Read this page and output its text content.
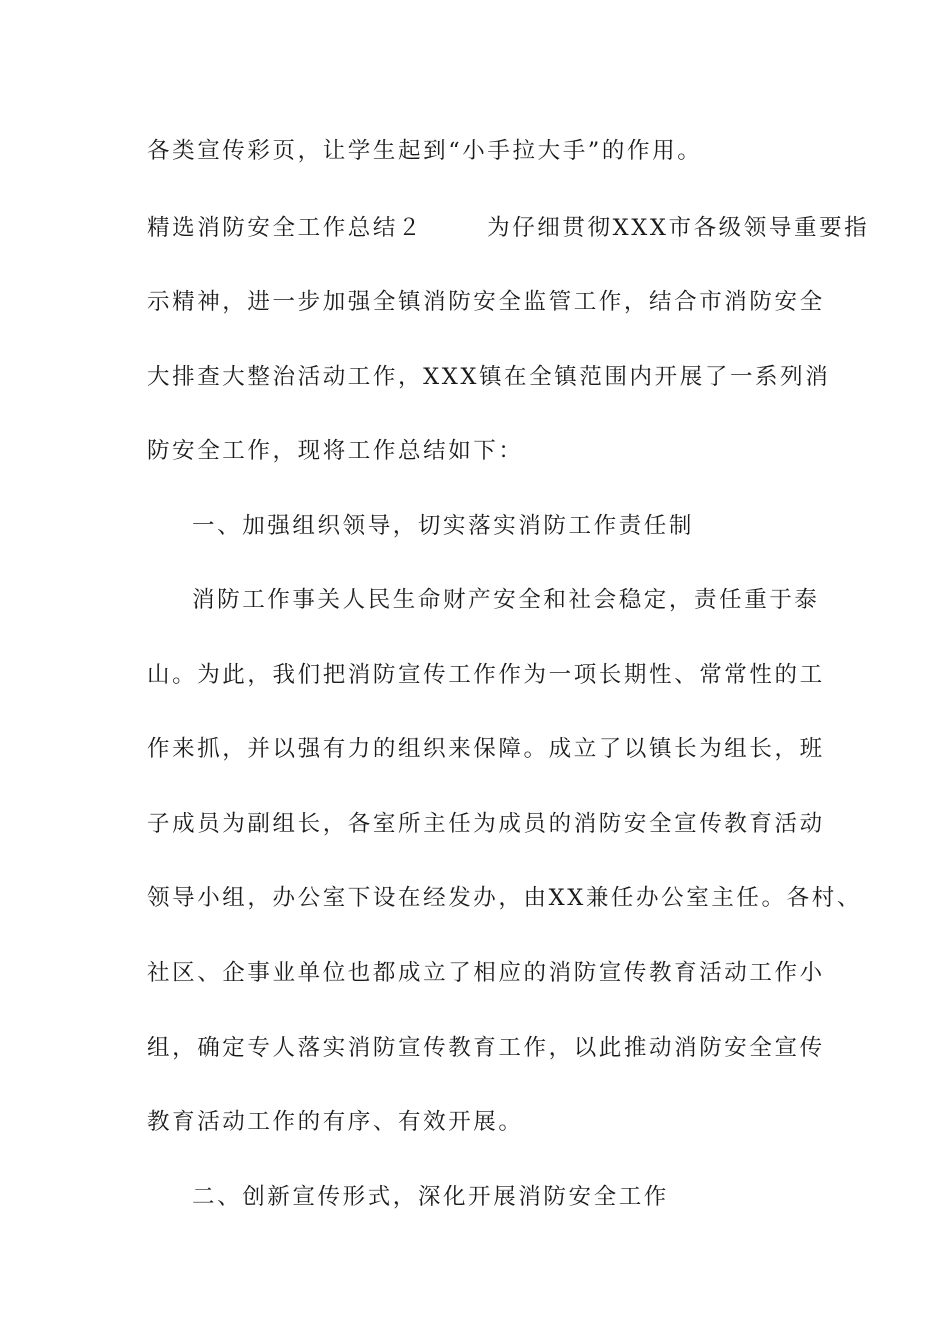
各类宣传彩页，让学生起到“小手拉大手”的作用。
精选消防安全工作总结２	为仔细贯彻XXX市各级领导重要指
示精神，进一步加强全镇消防安全监管工作，结合市消防安全
大排查大整治活动工作，XXX镇在全镇范围内开展了一系列消
防安全工作，现将工作总结如下：
一、加强组织领导，切实落实消防工作责任制
消防工作事关人民生命财产安全和社会稳定，责任重于泰
山。为此，我们把消防宣传工作作为一项长期性、常常性的工
作来抓，并以强有力的组织来保障。成立了以镇长为组长，班
子成员为副组长，各室所主任为成员的消防安全宣传教育活动
领导小组，办公室下设在经发办，由XX兼任办公室主任。各村、
社区、企事业单位也都成立了相应的消防宣传教育活动工作小
组，确定专人落实消防宣传教育工作，以此推动消防安全宣传
教育活动工作的有序、有效开展。
二、创新宣传形式，深化开展消防安全工作
